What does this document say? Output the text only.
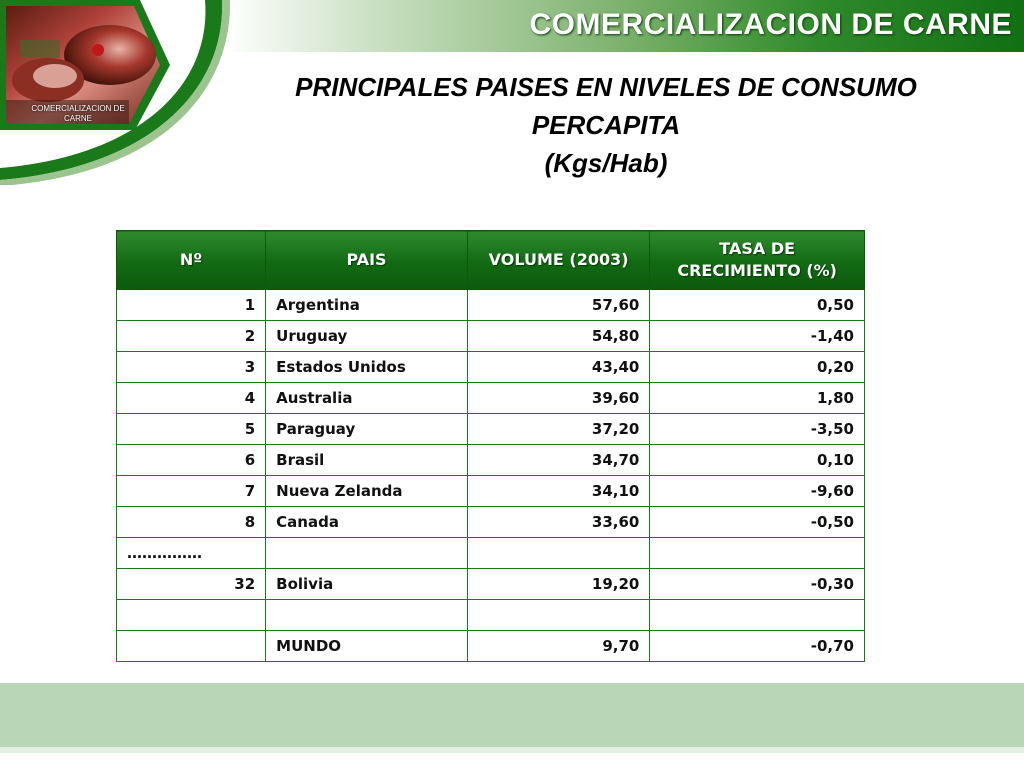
COMERCIALIZACION DE CARNE
COMERCIALIZACION DE CARNE
PRINCIPALES PAISES EN NIVELES DE CONSUMO
PERCAPITA
(Kgs/Hab)
Nº	PAIS	VOLUME (2003)	TASA DE CRECIMIENTO (%)
1	Argentina	57,60	0,50
2	Uruguay	54,80	-1,40
3	Estados Unidos	43,40	0,20
4	Australia	39,60	1,80
5	Paraguay	37,20	-3,50
6	Brasil	34,70	0,10
7	Nueva Zelanda	34,10	-9,60
8	Canada	33,60	-0,50
……………			
32	Bolivia	19,20	-0,30

	MUNDO	9,70	-0,70
